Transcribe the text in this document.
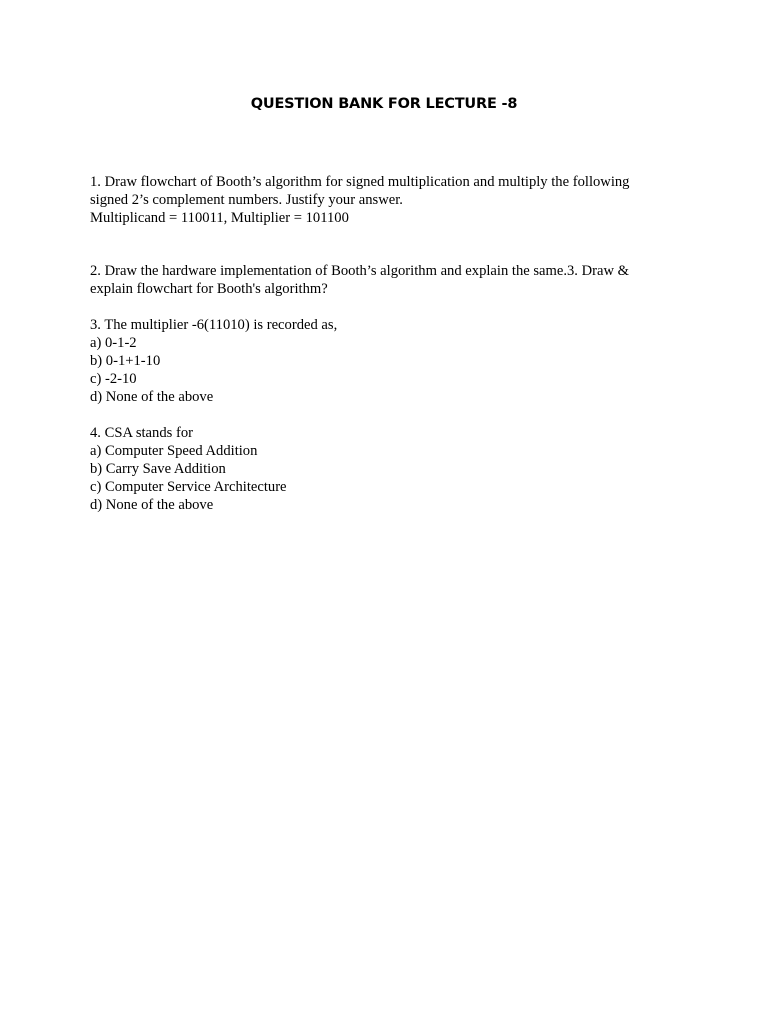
QUESTION BANK FOR LECTURE -8
1. Draw flowchart of Booth’s algorithm for signed multiplication and multiply the following
signed 2’s complement numbers. Justify your answer.
Multiplicand = 110011, Multiplier = 101100
2. Draw the hardware implementation of Booth’s algorithm and explain the same.3. Draw &
explain flowchart for Booth's algorithm?
3. The multiplier -6(11010) is recorded as,
a) 0-1-2
b) 0-1+1-10
c) -2-10
d) None of the above
4. CSA stands for
a) Computer Speed Addition
b) Carry Save Addition
c) Computer Service Architecture
d) None of the above
